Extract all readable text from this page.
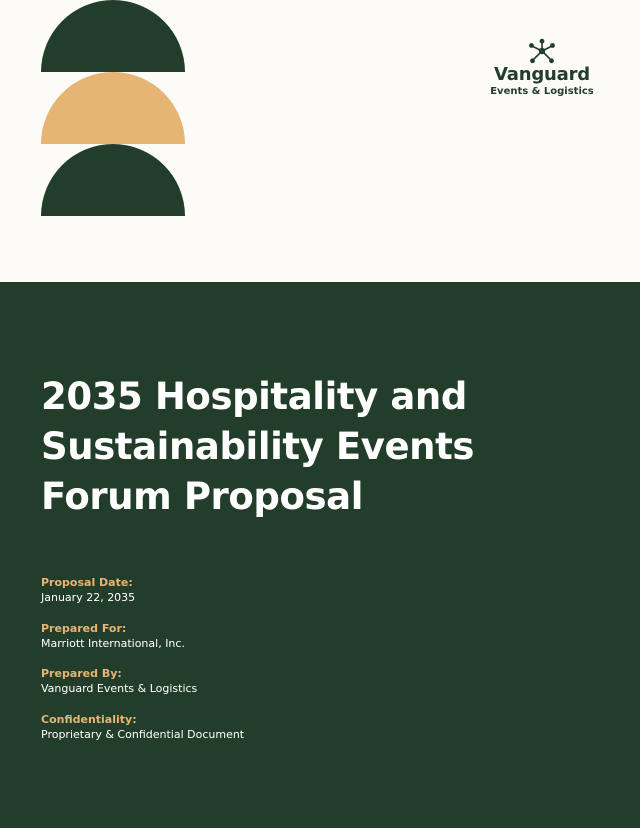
Vanguard
Events & Logistics
2035 Hospitality and
Sustainability Events
Forum Proposal
Proposal Date:
January 22, 2035
Prepared For:
Marriott International, Inc.
Prepared By:
Vanguard Events & Logistics
Confidentiality:
Proprietary & Confidential Document
